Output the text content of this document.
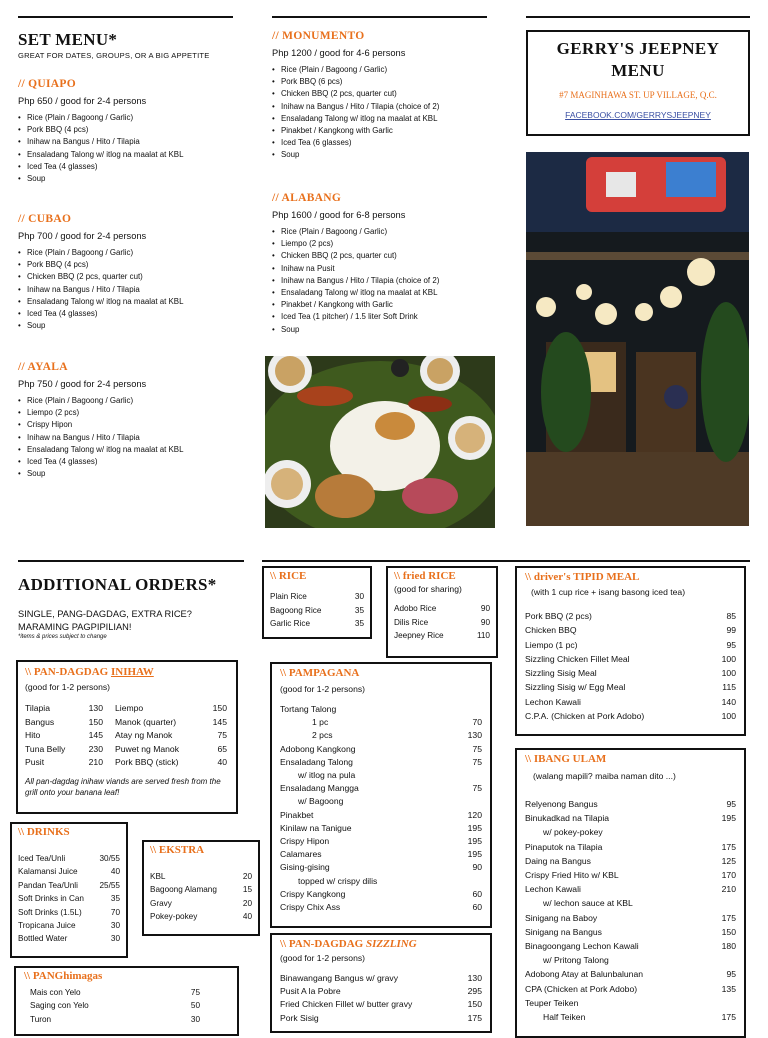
SET MENU*
GREAT FOR DATES, GROUPS, OR A BIG APPETITE
// QUIAPO
Php 650 / good for 2-4 persons
• Rice (Plain / Bagoong / Garlic)
• Pork BBQ (4 pcs)
• Inihaw na Bangus / Hito / Tilapia
• Ensaladang Talong w/ itlog na maalat at KBL
• Iced Tea (4 glasses)
• Soup
// CUBAO
Php 700 / good for 2-4 persons
• Rice (Plain / Bagoong / Garlic)
• Pork BBQ (4 pcs)
• Chicken BBQ (2 pcs, quarter cut)
• Inihaw na Bangus / Hito / Tilapia
• Ensaladang Talong w/ itlog na maalat at KBL
• Iced Tea (4 glasses)
• Soup
// AYALA
Php 750 / good for 2-4 persons
• Rice (Plain / Bagoong / Garlic)
• Liempo (2 pcs)
• Crispy Hipon
• Inihaw na Bangus / Hito / Tilapia
• Ensaladang Talong w/ itlog na maalat at KBL
• Iced Tea (4 glasses)
• Soup
// MONUMENTO
Php 1200 / good for 4-6 persons
• Rice (Plain / Bagoong / Garlic)
• Pork BBQ (6 pcs)
• Chicken BBQ (2 pcs, quarter cut)
• Inihaw na Bangus / Hito / Tilapia (choice of 2)
• Ensaladang Talong w/ itlog na maalat at KBL
• Pinakbet / Kangkong with Garlic
• Iced Tea (6 glasses)
• Soup
// ALABANG
Php 1600 / good for 6-8 persons
• Rice (Plain / Bagoong / Garlic)
• Liempo (2 pcs)
• Chicken BBQ (2 pcs, quarter cut)
• Inihaw na Pusit
• Inihaw na Bangus / Hito / Tilapia (choice of 2)
• Ensaladang Talong w/ itlog na maalat at KBL
• Pinakbet / Kangkong with Garlic
• Iced Tea (1 pitcher) / 1.5 liter Soft Drink
• Soup
GERRY'S JEEPNEY
MENU
#7 MAGINHAWA ST. UP VILLAGE, Q.C.
FACEBOOK.COM/GERRYSJEEPNEY
ADDITIONAL ORDERS*
SINGLE, PANG-DAGDAG, EXTRA RICE?
MARAMING PAGPIPILIAN!
*items & prices subject to change
\\ PAN-DAGDAG INIHAW
(good for 1-2 persons)
Tilapia	130
Bangus	150
Hito	145
Tuna Belly	230
Pusit	210
Liempo	150
Manok (quarter)	145
Atay ng Manok	75
Puwet ng Manok	65
Pork BBQ (stick)	40
All pan-dagdag inihaw viands are served fresh from the grill onto your banana leaf!
\\ RICE
Plain Rice	30
Bagoong Rice	35
Garlic Rice	35
\\ fried RICE
(good for sharing)
Adobo Rice	90
Dilis Rice	90
Jeepney Rice	110
\\ driver's TIPID MEAL
(with 1 cup rice + isang basong iced tea)
Pork BBQ (2 pcs)	85
Chicken BBQ	99
Liempo (1 pc)	95
Sizzling Chicken Fillet Meal	100
Sizzling Sisig Meal	100
Sizzling Sisig w/ Egg Meal	115
Lechon Kawali	140
C.P.A. (Chicken at Pork Adobo)	100
\\ PAMPAGANA
(good for 1-2 persons)
Tortang Talong
1 pc	70
2 pcs	130
Adobong Kangkong	75
Ensaladang Talong	75
w/ itlog na pula
Ensaladang Mangga	75
w/ Bagoong
Pinakbet	120
Kinilaw na Tanigue	195
Crispy Hipon	195
Calamares	195
Gising-gising	90
topped w/ crispy dilis
Crispy Kangkong	60
Crispy Chix Ass	60
\\ DRINKS
Iced Tea/Unli	30/55
Kalamansi Juice	40
Pandan Tea/Unli	25/55
Soft Drinks in Can	35
Soft Drinks (1.5L)	70
Tropicana Juice	30
Bottled Water	30
\\ EKSTRA
KBL	20
Bagoong Alamang	15
Gravy	20
Pokey-pokey	40
\\ PAN-DAGDAG SIZZLING
(good for 1-2 persons)
Binawangang Bangus w/ gravy	130
Pusit A la Pobre	295
Fried Chicken Fillet w/ butter gravy	150
Pork Sisig	175
\\ PANGhimagas
Mais con Yelo	75
Saging con Yelo	50
Turon	30
\\ IBANG ULAM
(walang mapili? maiba naman dito ...)
Relyenong Bangus	95
Binukadkad na Tilapia	195
w/ pokey-pokey
Pinaputok na Tilapia	175
Daing na Bangus	125
Crispy Fried Hito w/ KBL	170
Lechon Kawali	210
w/ lechon sauce at KBL
Sinigang na Baboy	175
Sinigang na Bangus	150
Binagoongang Lechon Kawali	180
w/ Pritong Talong
Adobong Atay at Balunbalunan	95
CPA (Chicken at Pork Adobo)	135
Teuper Teiken
Half Teiken	175
